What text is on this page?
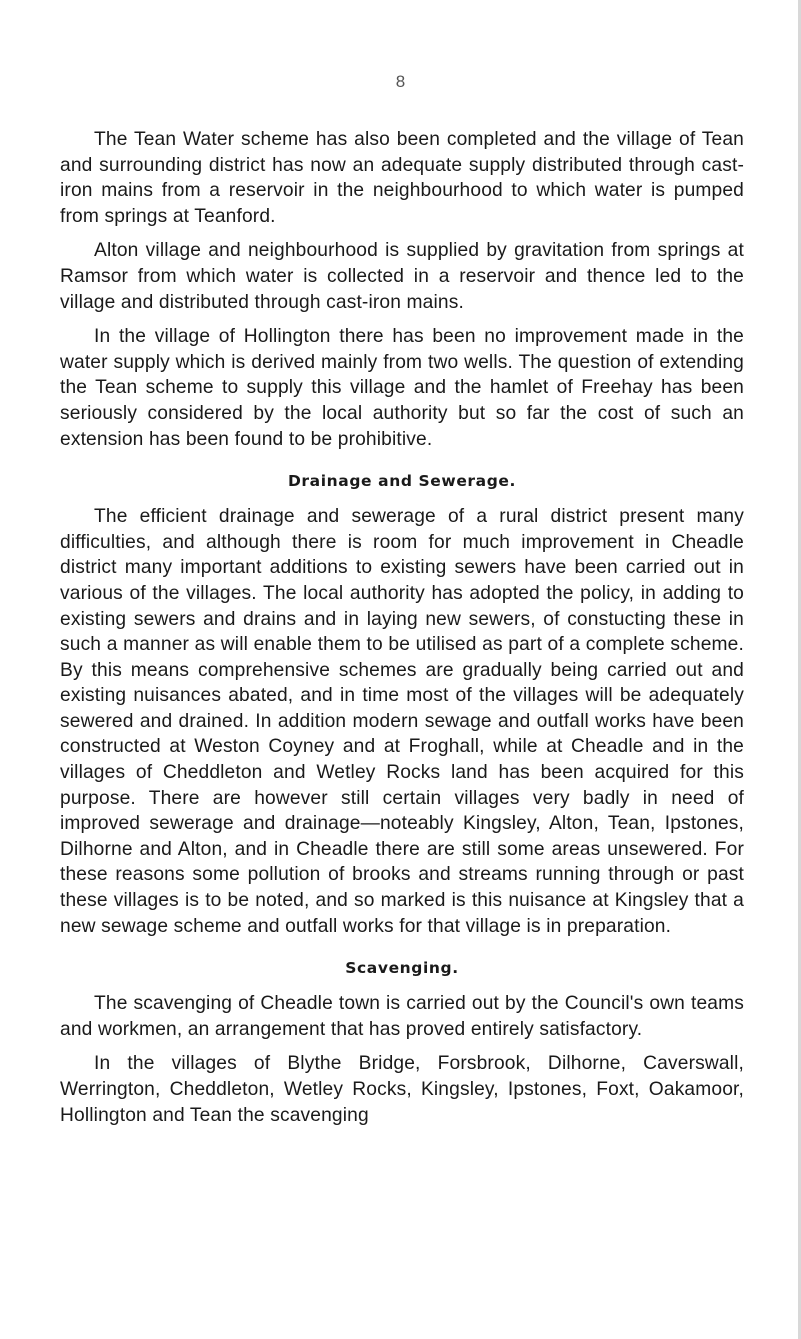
8

The Tean Water scheme has also been completed and the village of Tean and surrounding district has now an adequate supply distributed through cast-iron mains from a reservoir in the neighbourhood to which water is pumped from springs at Teanford.

Alton village and neighbourhood is supplied by gravitation from springs at Ramsor from which water is collected in a reservoir and thence led to the village and distributed through cast-iron mains.

In the village of Hollington there has been no improvement made in the water supply which is derived mainly from two wells. The question of extending the Tean scheme to supply this village and the hamlet of Freehay has been seriously considered by the local authority but so far the cost of such an extension has been found to be prohibitive.

Drainage and Sewerage.

The efficient drainage and sewerage of a rural district present many difficulties, and although there is room for much improvement in Cheadle district many important additions to existing sewers have been carried out in various of the villages. The local authority has adopted the policy, in adding to existing sewers and drains and in laying new sewers, of constucting these in such a manner as will enable them to be utilised as part of a complete scheme. By this means comprehensive schemes are gradually being carried out and existing nuisances abated, and in time most of the villages will be adequately sewered and drained. In addition modern sewage and outfall works have been constructed at Weston Coyney and at Froghall, while at Cheadle and in the villages of Cheddleton and Wetley Rocks land has been acquired for this purpose. There are however still certain villages very badly in need of improved sewerage and drainage—noteably Kingsley, Alton, Tean, Ipstones, Dilhorne and Alton, and in Cheadle there are still some areas unsewered. For these reasons some pollution of brooks and streams running through or past these villages is to be noted, and so marked is this nuisance at Kingsley that a new sewage scheme and outfall works for that village is in preparation.

Scavenging.

The scavenging of Cheadle town is carried out by the Council's own teams and workmen, an arrangement that has proved entirely satisfactory.

In the villages of Blythe Bridge, Forsbrook, Dilhorne, Caverswall, Werrington, Cheddleton, Wetley Rocks, Kingsley, Ipstones, Foxt, Oakamoor, Hollington and Tean the scavenging
